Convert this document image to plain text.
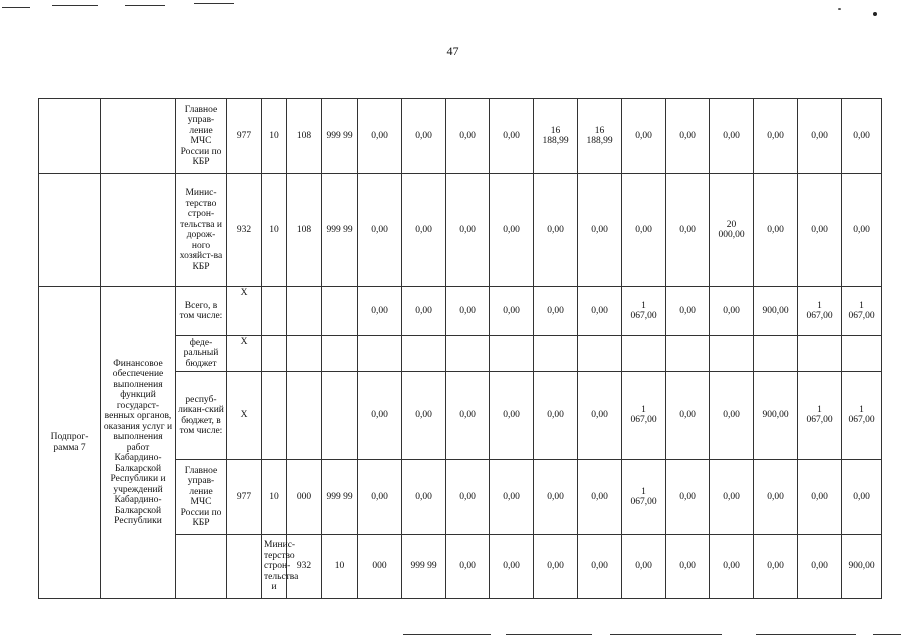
47
		Главное управ-ление МЧС России по КБР	977	10	108	999 99	0,00	0,00	0,00	0,00	16 188,99	16 188,99	0,00	0,00	0,00	0,00	0,00	0,00	
		Минис-терство строн-тельства и дорож-ного хозяйст-ва КБР	932	10	108	999 99	0,00	0,00	0,00	0,00	0,00	0,00	0,00	0,00	20 000,00	0,00	0,00	0,00	
Подпрог-рамма 7	Финансовое обеспечение выполнения функций государст-венных органов, оказания услуг и выполнения работ Кабардино-Балкарской Республики и учреждений Кабардино-Балкарской Республики	Всего, в том числе:	Х				0,00	0,00	0,00	0,00	0,00	0,00	1 067,00	0,00	0,00	900,00	1 067,00	1 067,00	
		феде-ральный бюджет	Х																
		респуб-ликан-ский бюджет, в том числе:	Х				0,00	0,00	0,00	0,00	0,00	0,00	1 067,00	0,00	0,00	900,00	1 067,00	1 067,00	
		Главное управ-ление МЧС России по КБР	977	10	000	999 99	0,00	0,00	0,00	0,00	0,00	0,00	1 067,00	0,00	0,00	0,00	0,00	0,00	
				Минис-терство строн-тельства и	932	10	000	999 99	0,00	0,00	0,00	0,00	0,00	0,00	0,00	0,00	0,00	900,00		
